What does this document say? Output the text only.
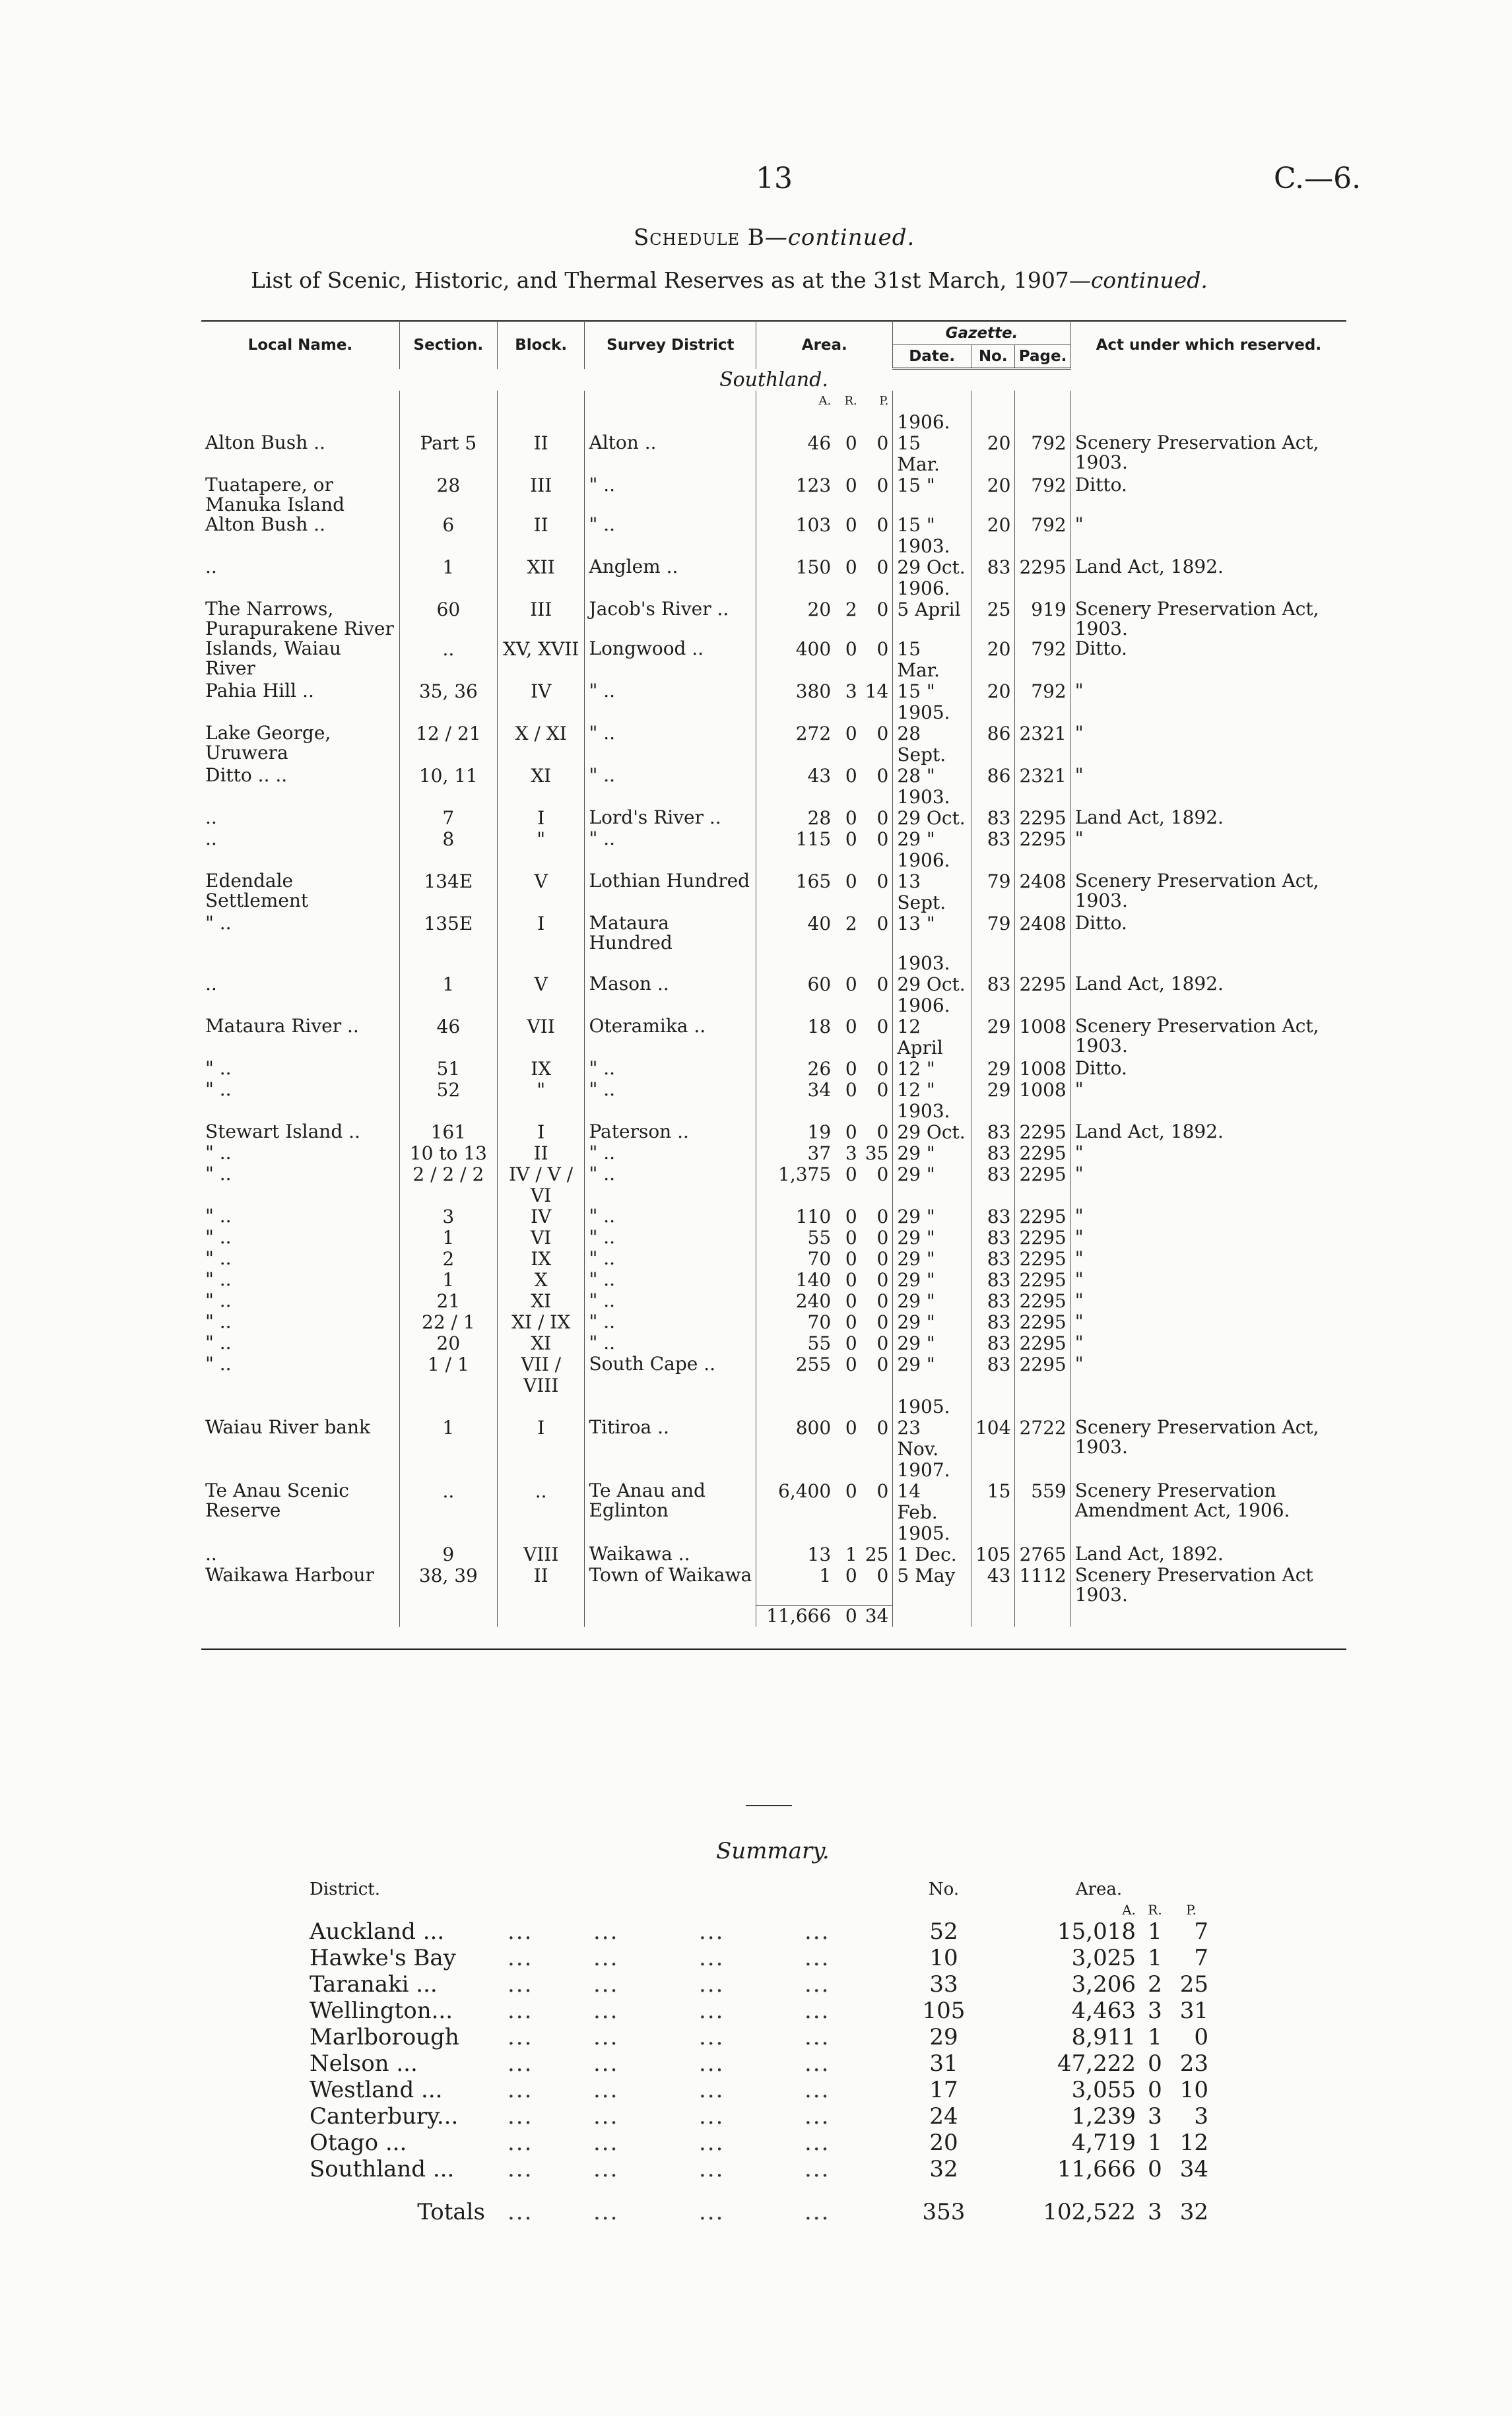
13	C.—6.
Schedule B—continued.
List of Scenic, Historic, and Thermal Reserves as at the 31st March, 1907—continued.
Local Name.	Section.	Block.	Survey District	Area.			Gazette.			Act under which reserved.
							Date.	No.	Page.	
Southland.										
				A.	R.	P.				
							1906.			
Alton Bush ..	Part 5	II	Alton ..	46	0	0	15 Mar.	20	792	Scenery Preservation Act, 1903.
Tuatapere, or Manuka Island	28	III	" ..	123	0	0	15 "	20	792	Ditto.
Alton Bush ..	6	II	" ..	103	0	0	15 "	20	792	"
							1903.			
..	1	XII	Anglem ..	150	0	0	29 Oct.	83	2295	Land Act, 1892.
							1906.			
The Narrows, Purapurakene River	60	III	Jacob's River ..	20	2	0	5 April	25	919	Scenery Preservation Act, 1903.
Islands, Waiau River	..	XV, XVII	Longwood ..	400	0	0	15 Mar.	20	792	Ditto.
Pahia Hill ..	35, 36	IV	" ..	380	3	14	15 "	20	792	"
							1905.			
Lake George, Uruwera	12 / 21	X / XI	" ..	272	0	0	28 Sept.	86	2321	"
Ditto .. ..	10, 11	XI	" ..	43	0	0	28 "	86	2321	"
							1903.			
..	7	I	Lord's River ..	28	0	0	29 Oct.	83	2295	Land Act, 1892.
..	8	"	" ..	115	0	0	29 "	83	2295	"
							1906.			
Edendale Settlement	134E	V	Lothian Hundred	165	0	0	13 Sept.	79	2408	Scenery Preservation Act, 1903.
" ..	135E	I	Mataura Hundred	40	2	0	13 "	79	2408	Ditto.
							1903.			
..	1	V	Mason ..	60	0	0	29 Oct.	83	2295	Land Act, 1892.
							1906.			
Mataura River ..	46	VII	Oteramika ..	18	0	0	12 April	29	1008	Scenery Preservation Act, 1903.
" ..	51	IX	" ..	26	0	0	12 "	29	1008	Ditto.
" ..	52	"	" ..	34	0	0	12 "	29	1008	"
							1903.			
Stewart Island ..	161	I	Paterson ..	19	0	0	29 Oct.	83	2295	Land Act, 1892.
" ..	10 to 13	II	" ..	37	3	35	29 "	83	2295	"
" ..	2 / 2 / 2	IV / V / VI	" ..	1,375	0	0	29 "	83	2295	"
" ..	3	IV	" ..	110	0	0	29 "	83	2295	"
" ..	1	VI	" ..	55	0	0	29 "	83	2295	"
" ..	2	IX	" ..	70	0	0	29 "	83	2295	"
" ..	1	X	" ..	140	0	0	29 "	83	2295	"
" ..	21	XI	" ..	240	0	0	29 "	83	2295	"
" ..	22 / 1	XI / IX	" ..	70	0	0	29 "	83	2295	"
" ..	20	XI	" ..	55	0	0	29 "	83	2295	"
" ..	1 / 1	VII / VIII	South Cape ..	255	0	0	29 "	83	2295	"
							1905.			
Waiau River bank	1	I	Titiroa ..	800	0	0	23 Nov.	104	2722	Scenery Preservation Act, 1903.
							1907.			
Te Anau Scenic Reserve	..	..	Te Anau and Eglinton	6,400	0	0	14 Feb.	15	559	Scenery Preservation Amendment Act, 1906.
							1905.			
..	9	VIII	Waikawa ..	13	1	25	1 Dec.	105	2765	Land Act, 1892.
Waikawa Harbour	38, 39	II	Town of Waikawa	1	0	0	5 May	43	1112	Scenery Preservation Act 1903.
				11,666	0	34				

Summary.
District.					No.	Area.		
						A.	R.	P.
Auckland ...	...	...	...	...	52	15,018	1	7
Hawke's Bay	...	...	...	...	10	3,025	1	7
Taranaki ...	...	...	...	...	33	3,206	2	25
Wellington...	...	...	...	...	105	4,463	3	31
Marlborough	...	...	...	...	29	8,911	1	0
Nelson ...	...	...	...	...	31	47,222	0	23
Westland ...	...	...	...	...	17	3,055	0	10
Canterbury...	...	...	...	...	24	1,239	3	3
Otago ...	...	...	...	...	20	4,719	1	12
Southland ...	...	...	...	...	32	11,666	0	34
Totals	...	...	...	...	353	102,522	3	32
